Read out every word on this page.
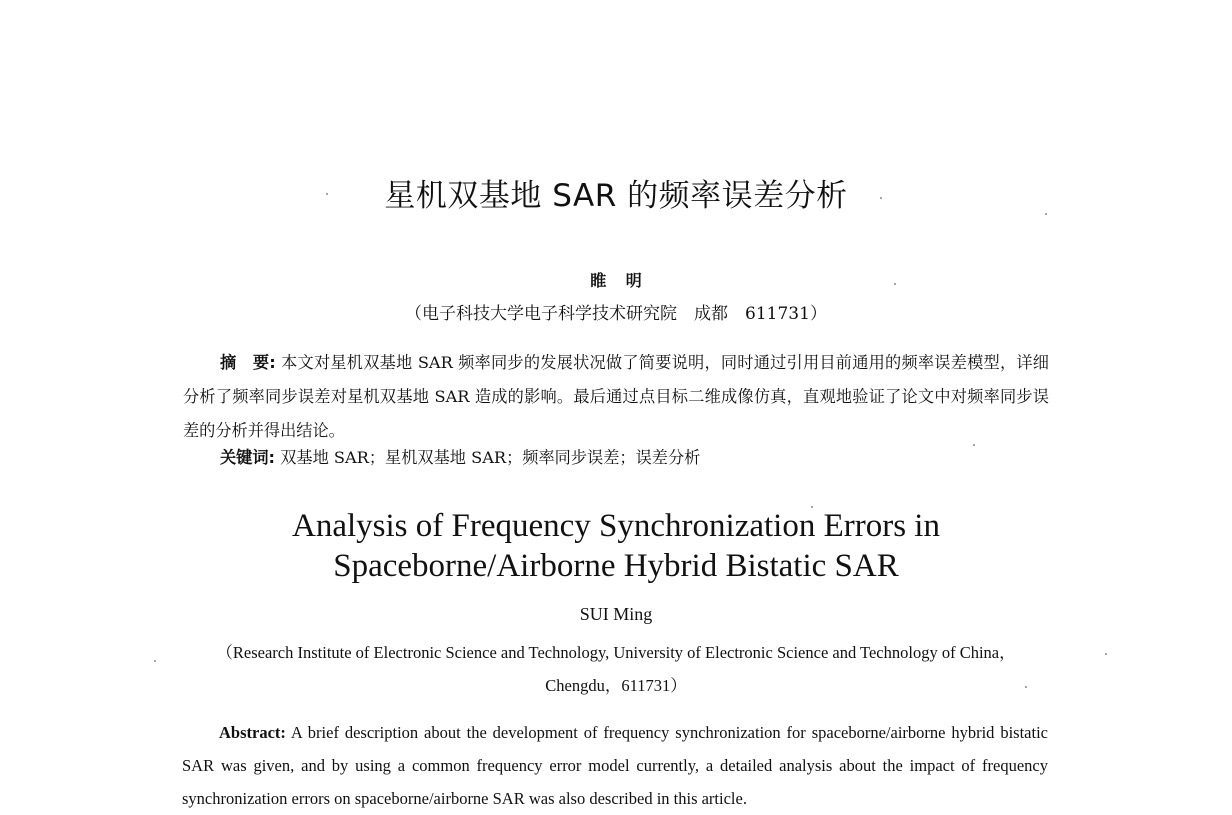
星机双基地 SAR 的频率误差分析
睢 明
（电子科技大学电子科学技术研究院　成都　611731）
摘　要: 本文对星机双基地 SAR 频率同步的发展状况做了简要说明，同时通过引用目前通用的频率误差模型，详细分析了频率同步误差对星机双基地 SAR 造成的影响。最后通过点目标二维成像仿真，直观地验证了论文中对频率同步误差的分析并得出结论。
关键词: 双基地 SAR；星机双基地 SAR；频率同步误差；误差分析
Analysis of Frequency Synchronization Errors in
Spaceborne/Airborne Hybrid Bistatic SAR
SUI Ming
（Research Institute of Electronic Science and Technology, University of Electronic Science and Technology of China，Chengdu，611731）
Abstract: A brief description about the development of frequency synchronization for spaceborne/airborne hybrid bistatic SAR was given, and by using a common frequency error model currently, a detailed analysis about the impact of frequency synchronization errors on spaceborne/airborne SAR was also described in this article.
